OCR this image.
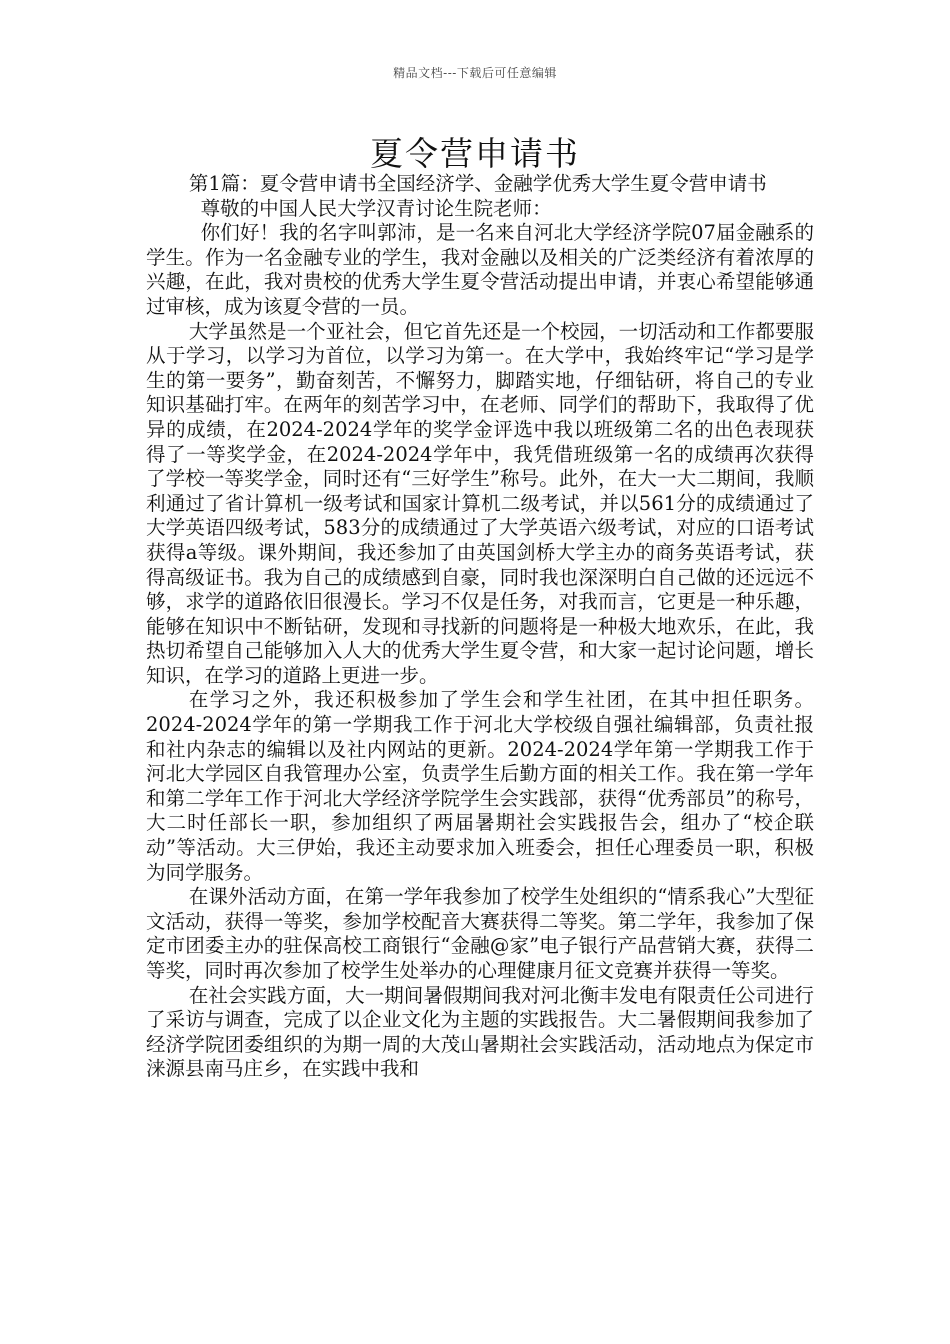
精品文档---下载后可任意编辑
夏令营申请书

第1篇：夏令营申请书全国经济学、金融学优秀大学生夏令营申请书

尊敬的中国人民大学汉青讨论生院老师：

你们好！我的名字叫郭沛，是一名来自河北大学经济学院07届金融系的学生。作为一名金融专业的学生，我对金融以及相关的广泛类经济有着浓厚的兴趣，在此，我对贵校的优秀大学生夏令营活动提出申请，并衷心希望能够通过审核，成为该夏令营的一员。

大学虽然是一个亚社会，但它首先还是一个校园，一切活动和工作都要服从于学习，以学习为首位，以学习为第一。在大学中，我始终牢记“学习是学生的第一要务”，勤奋刻苦，不懈努力，脚踏实地，仔细钻研，将自己的专业知识基础打牢。在两年的刻苦学习中，在老师、同学们的帮助下，我取得了优异的成绩，在2024-2024学年的奖学金评选中我以班级第二名的出色表现获得了一等奖学金，在2024-2024学年中，我凭借班级第一名的成绩再次获得了学校一等奖学金，同时还有“三好学生”称号。此外，在大一大二期间，我顺利通过了省计算机一级考试和国家计算机二级考试，并以561分的成绩通过了大学英语四级考试，583分的成绩通过了大学英语六级考试，对应的口语考试获得a等级。课外期间，我还参加了由英国剑桥大学主办的商务英语考试，获得高级证书。我为自己的成绩感到自豪，同时我也深深明白自己做的还远远不够，求学的道路依旧很漫长。学习不仅是任务，对我而言，它更是一种乐趣，能够在知识中不断钻研，发现和寻找新的问题将是一种极大地欢乐，在此，我热切希望自己能够加入人大的优秀大学生夏令营，和大家一起讨论问题，增长知识，在学习的道路上更进一步。

在学习之外，我还积极参加了学生会和学生社团，在其中担任职务。2024-2024学年的第一学期我工作于河北大学校级自强社编辑部，负责社报和社内杂志的编辑以及社内网站的更新。2024-2024学年第一学期我工作于河北大学园区自我管理办公室，负责学生后勤方面的相关工作。我在第一学年和第二学年工作于河北大学经济学院学生会实践部，获得“优秀部员”的称号，大二时任部长一职，参加组织了两届暑期社会实践报告会，组办了“校企联动”等活动。大三伊始，我还主动要求加入班委会，担任心理委员一职，积极为同学服务。

在课外活动方面，在第一学年我参加了校学生处组织的“情系我心”大型征文活动，获得一等奖，参加学校配音大赛获得二等奖。第二学年，我参加了保定市团委主办的驻保高校工商银行“金融@家”电子银行产品营销大赛，获得二等奖，同时再次参加了校学生处举办的心理健康月征文竞赛并获得一等奖。

在社会实践方面，大一期间暑假期间我对河北衡丰发电有限责任公司进行了采访与调查，完成了以企业文化为主题的实践报告。大二暑假期间我参加了经济学院团委组织的为期一周的大茂山暑期社会实践活动，活动地点为保定市涞源县南马庄乡，在实践中我和
